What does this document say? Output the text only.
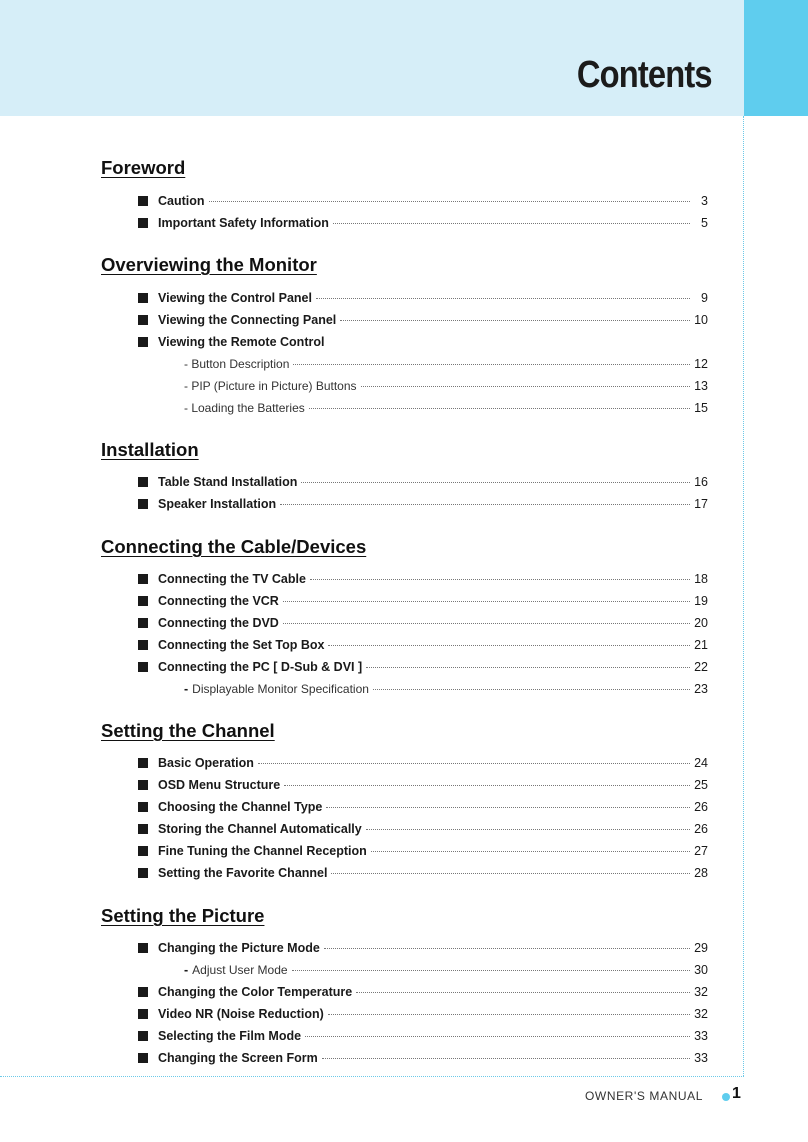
Contents
Foreword
Caution	3
Important Safety Information	5
Overviewing the Monitor
Viewing the Control Panel	9
Viewing the Connecting Panel	10
Viewing the Remote Control
- Button Description	12
- PIP (Picture in Picture) Buttons	13
- Loading the Batteries	15
Installation
Table Stand Installation	16
Speaker Installation	17
Connecting the Cable/Devices
Connecting the TV Cable	18
Connecting the VCR	19
Connecting the DVD	20
Connecting the Set Top Box	21
Connecting the PC [ D-Sub & DVI ]	22
- Displayable Monitor Specification	23
Setting the Channel
Basic Operation	24
OSD Menu Structure	25
Choosing the Channel Type	26
Storing the Channel Automatically	26
Fine Tuning the Channel Reception	27
Setting the Favorite Channel	28
Setting the Picture
Changing the Picture Mode	29
- Adjust User Mode	30
Changing the Color Temperature	32
Video NR (Noise Reduction)	32
Selecting the Film Mode	33
Changing the Screen Form	33
OWNER'S MANUAL 1
